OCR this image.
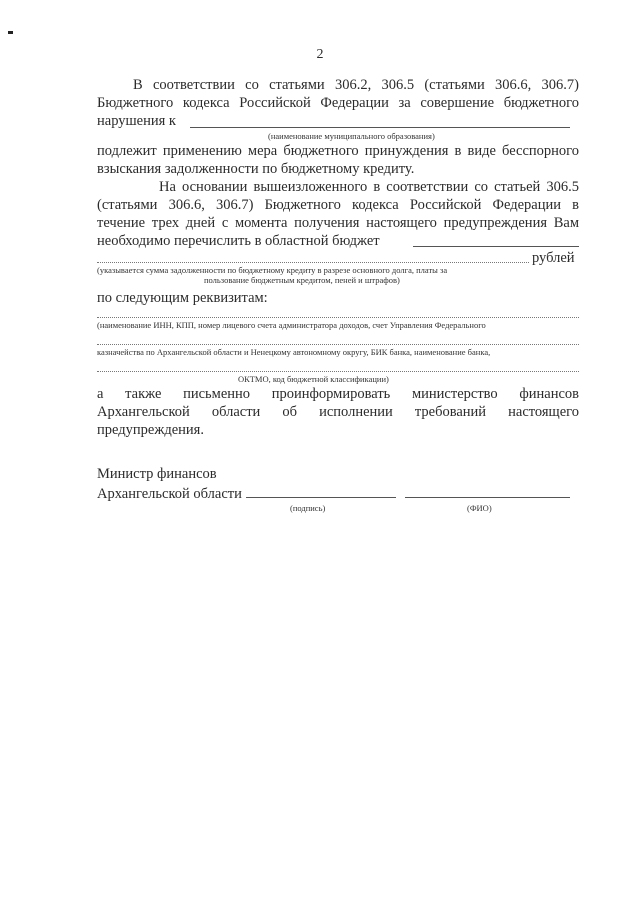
2
В соответствии со статьями 306.2, 306.5 (статьями 306.6, 306.7)
Бюджетного кодекса Российской Федерации за совершение бюджетного
нарушения к
(наименование муниципального образования)
подлежит применению мера бюджетного принуждения в виде бесспорного
взыскания задолженности по бюджетному кредиту.
На основании вышеизложенного в соответствии со статьей 306.5
(статьями 306.6, 306.7) Бюджетного кодекса Российской Федерации в
течение трех дней с момента получения настоящего предупреждения Вам
необходимо перечислить в областной бюджет
рублей
(указывается сумма задолженности по бюджетному кредиту в разрезе основного долга, платы за
пользование бюджетным кредитом, пеней и штрафов)
по следующим реквизитам:
(наименование ИНН, КПП, номер лицевого счета администратора доходов, счет Управления Федерального
казначейства по Архангельской области и Ненецкому автономному округу, БИК банка, наименование банка,
ОКТМО, код бюджетной классификации)
а также письменно проинформировать министерство финансов
Архангельской области об исполнении требований настоящего
предупреждения.
Министр финансов
Архангельской области
(подпись)	(ФИО)
